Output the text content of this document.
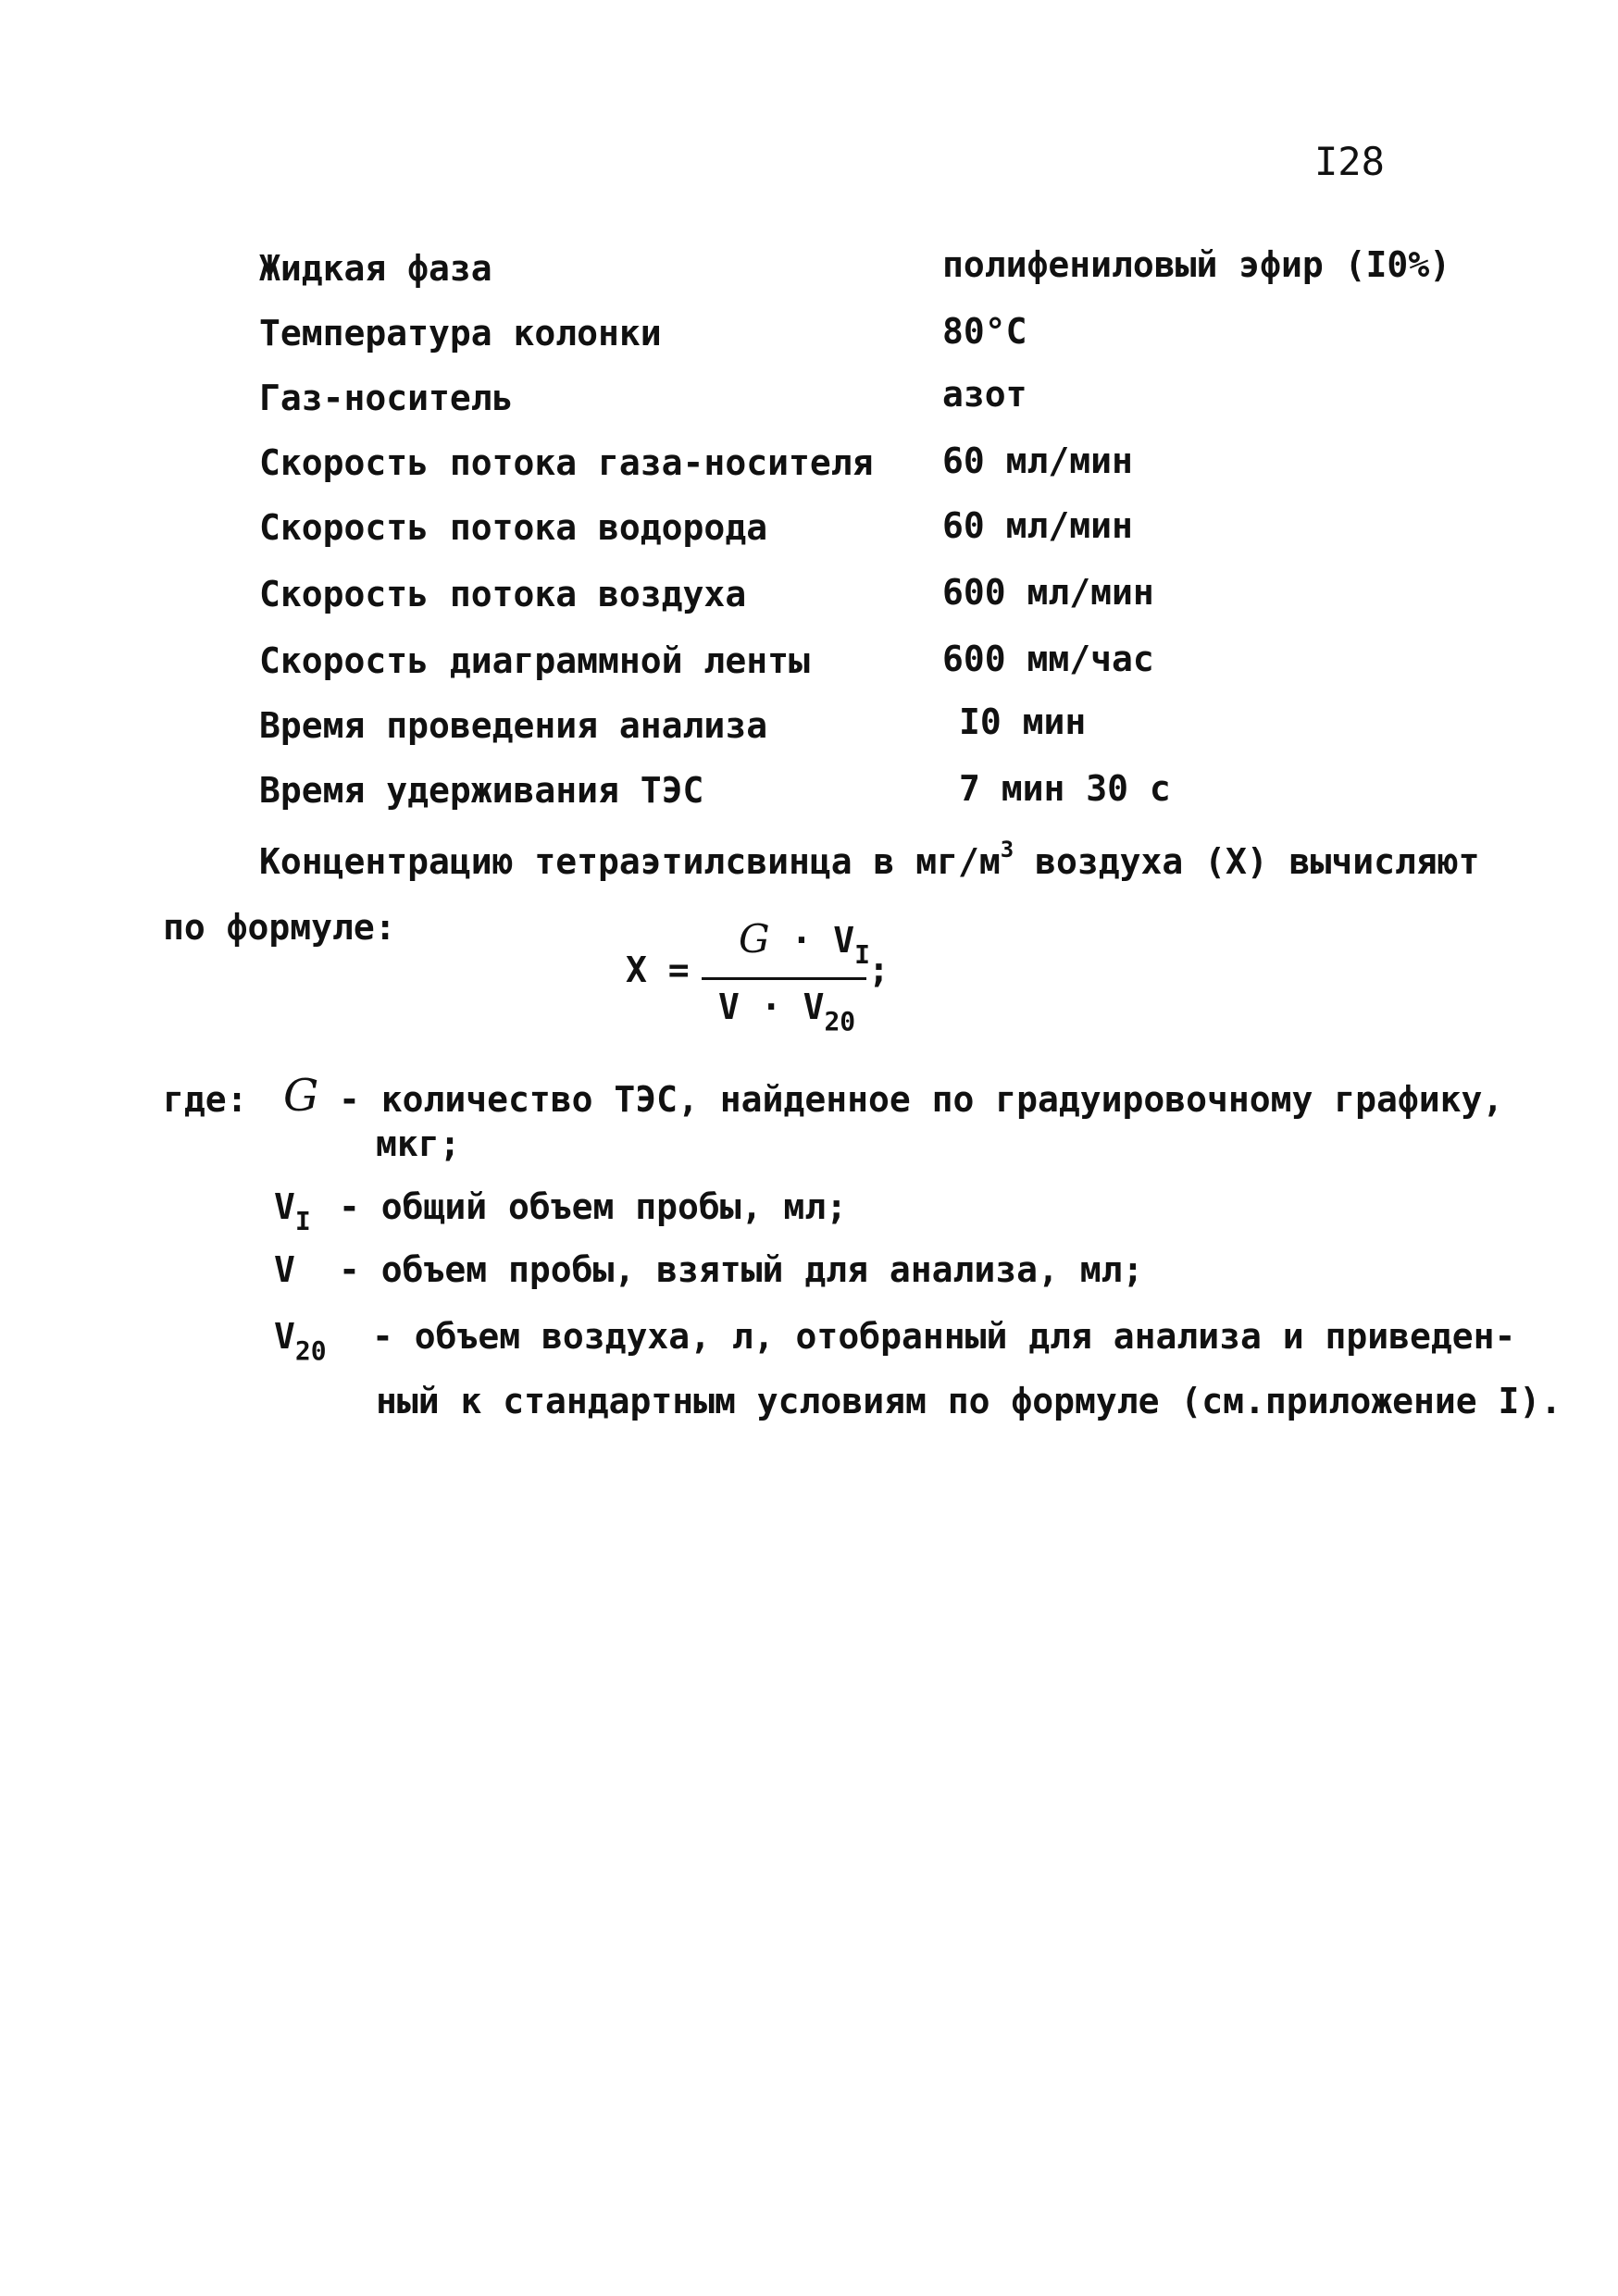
I28
Жидкая фаза	полифениловый эфир (I0%)
Температура колонки	80°C
Газ-носитель	азот
Скорость потока газа-носителя 60 мл/мин
Скорость потока водорода	60 мл/мин
Скорость потока воздуха	600 мл/мин
Скорость диаграммной ленты	600 мм/час
Время проведения анализа	I0 мин
Время удерживания ТЭС	7 мин 30 с
Концентрацию тетраэтилсвинца в $мг/м^3$ воздуха (X) вычисляют
по формуле:
X =
$G \cdot V_I$
;
$V \cdot V_{20}$
где: G - количество ТЭС, найденное по градуировочному графику,
мкг;
$V_I$ - общий объем пробы, мл;
V - объем пробы, взятый для анализа, мл;
$V_{20}$ - объем воздуха, л, отобранный для анализа и приведен-
ный к стандартным условиям по формуле (см.приложение I).
